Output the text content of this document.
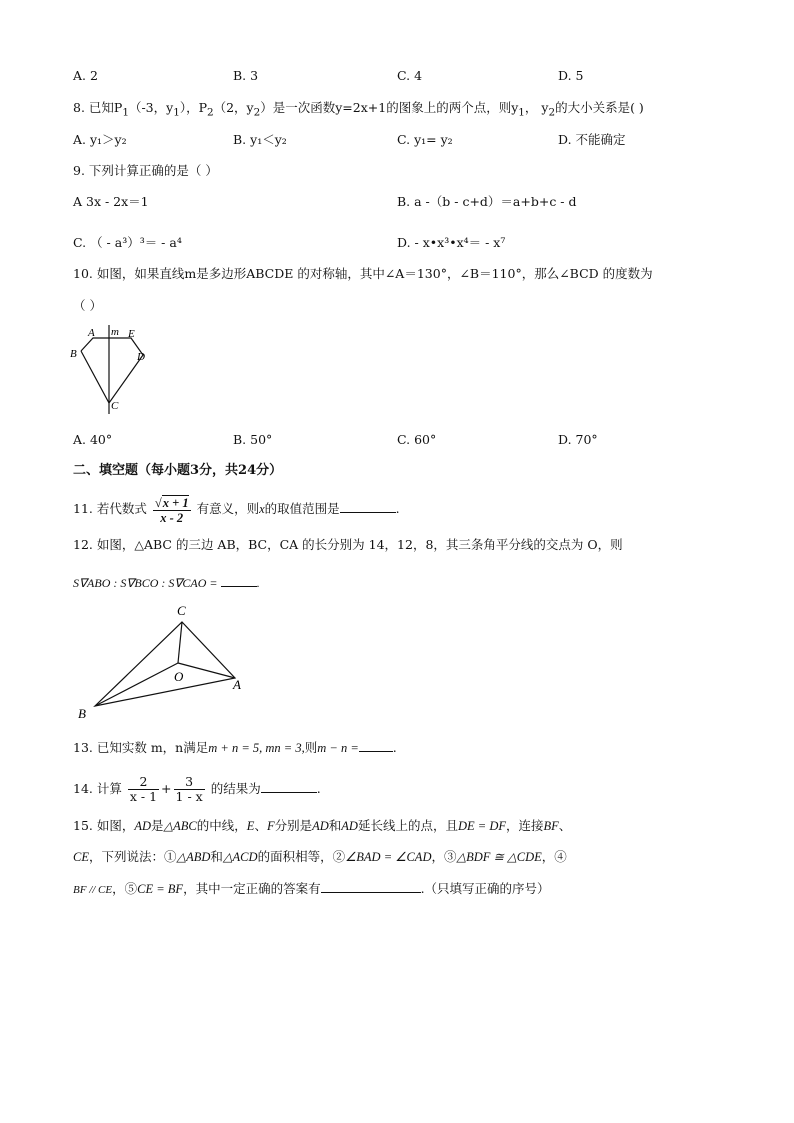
A. 2	B. 3	C. 4	D. 5
8. 已知$P_1(-3$，$y_1$），$P_2(2$，$y_2$）是一次函数y=2x+1的图象上的两个点，则$y_1$， $y_2$的大小关系是( )
A. y₁＞y₂	B. y₁＜y₂	C. y₁= y₂	D. 不能确定
9. 下列计算正确的是（ ）
A 3x - 2x＝1	B. a -（b - c+d）＝a+b+c - d
C. （ - a³）³＝ - a⁴	D. - x•x³•x⁴＝ - x⁷
10. 如图，如果直线m是多边形ABCDE 的对称轴，其中∠A＝130°，∠B＝110°，那么∠BCD 的度数为
（ ）
A m E
B	D
C
A. 40°	B. 50°	C. 60°	D. 70°
二、填空题（每小题3分，共24分）
11. 若代数式 $\frac{√x + 1}{x - 2}$ 有意义，则x的取值范围是	.
12. 如图，△ABC 的三边 AB，BC，CA 的长分别为 14，12，8，其三条角平分线的交点为 O，则
S∇ABO : S∇BCO : S∇CAO =	.
C
O
A
B
13. 已知实数 m，n满足m + n = 5, mn = 3,则m − n =	.
14. 计算 $\frac{2}{x - 1} + \frac{3}{1 - x}$ 的结果为	.
15. 如图，AD是△ABC的中线，E、F分别是AD和AD延长线上的点，且DE = DF，连接BF、
CE，下列说法：①△ABD和△ACD的面积相等，②∠BAD = ∠CAD，③△BDF ≅ △CDE，④
BF // CE，⑤CE = BF，其中一定正确的答案有	.（只填写正确的序号）
